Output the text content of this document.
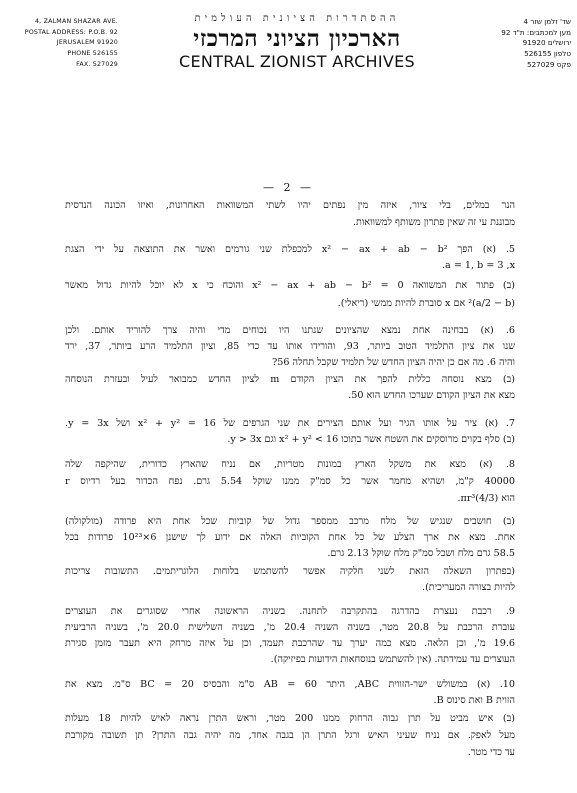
4, ZALMAN SHAZAR AVE.
POSTAL ADDRESS: P.O.B. 92
JERUSALEM 91920
PHONE 526155
FAX. 527029
ההסתדרות הציונית העולמית
הארכיון הציוני המרכזי
CENTRAL ZIONIST ARCHIVES
שד' זלמן שזר 4
מען למכתבים: ת"ד 92
ירושלים 91920
טלפון 526155
פקס 527029
— 2 —
הנר במלים, בלי ציור, איזה מין נפתים יהיו לשתי המשוואות האחרונות, ואיזו הכונה הנדסית
מבוננת עי זה שאין פתרון משותף למשוואות.
5. (א) הפך x² − ax + ab − b² למכפלת שני גורמים ואשר את התוצאה על ידי הצגת
a = 1, b = 3 ,x.
(ב) פתור את המשוואה x² − ax + ab − b² = 0 והוכח כי x לא יוכל להיות גדול מאשר
(a/2 − b)² אם x סוברת להיות ממשי (ריאלי).
6. (א) בבחינה אחת נמצא שהציונים שנתנו היו נכוחים מדי והיה צרך להוריד אותם. ולכן
שנו את ציון התלמיד הטוב ביותר, 93, והורידו אותו עד כדי 85, וציון התלמיד הרע ביותר, 37, ירד
והיה 6. מה אם כן יהיה הציון החדש של תלמיד שקבל תחלה 56?
(ב) מצא נוסחה כללית להפך את הציון הקודם m לציון החדש כמבואר לעיל ובעזרת הנוסחה
מצא את הציון הקודם שערכו החדש הוא 50.
7. (א) ציר על אותו הגיר ועל אותם הצירים את שני הגרפים של x² + y² = 16 ושל y = 3x.
(ב) סלף בקוים מרוסקים את השטח אשר בתוכו x² + y² < 16 וגם y > 3x.
8. (א) מצא את משקל הארץ במונות מטריות, אם נניח שהארץ כדורית, שהיקפה שלה
40000 ק"מ, ושהיא מחמר אשר כל סמ"ק ממנו שוקל 5.54 גרם. נפח הכדור בעל רדיוס r
הוא (4/3)πr³.
(ב) חושבים שנגיש של מלח מרכב ממספר גדול של קוביות שכל אחת היא פרודה (מולקולה)
אחת. מצא את ארך הצלע של כל אחת הקוביות האלה אם ידוע לך שישנן 6×10²³ פרודות בכל
58.5 גרם מלח ושכל סמ"ק מלח שוקל 2.13 גרם.
(בפתרון השאלה הזאת לשני חלקיה אפשר להשתמש בלוחות הלוגריתמים. התשובות צריכות
להיות בצורה המעריכית).
9. רכבת נעצרת בהדרגה בהתקרבה לתחנה. בשניה הראשונה אחרי שסוגרים את העוצרים
עוברת הרכבת על 20.8 מטר, בשניה השניה 20.4 מ', בשניה השלישית 20.0 מ', בשניה הרביעית
19.6 מ', וכן הלאה. מצא כמה יערך עד שהרכבת תעמד, וכן על איזה מרחק היא תעבר מזמן סגירת
העוצרים עד עמידתה. (אין להשתמש בנוסחאות הידועות בפיזיקה).
10. (א) במשולש ישר-הזווית ABC, היתר AB = 60 ס"מ והבסיס BC = 20 ס"מ. מצא את
הזוית B ואת סינוס B.
(ב) איש מביט על תרן גבוה הרחוק ממנו 200 מטר, וראש התרן נראה לאיש להיות 18 מעלות
מעל לאפק. אם נניח שעיני האיש ורגל התרן הן בגבה אחד, מה יהיה גבה התרן? תן תשובה מקורבת
עד כדי מטר.
